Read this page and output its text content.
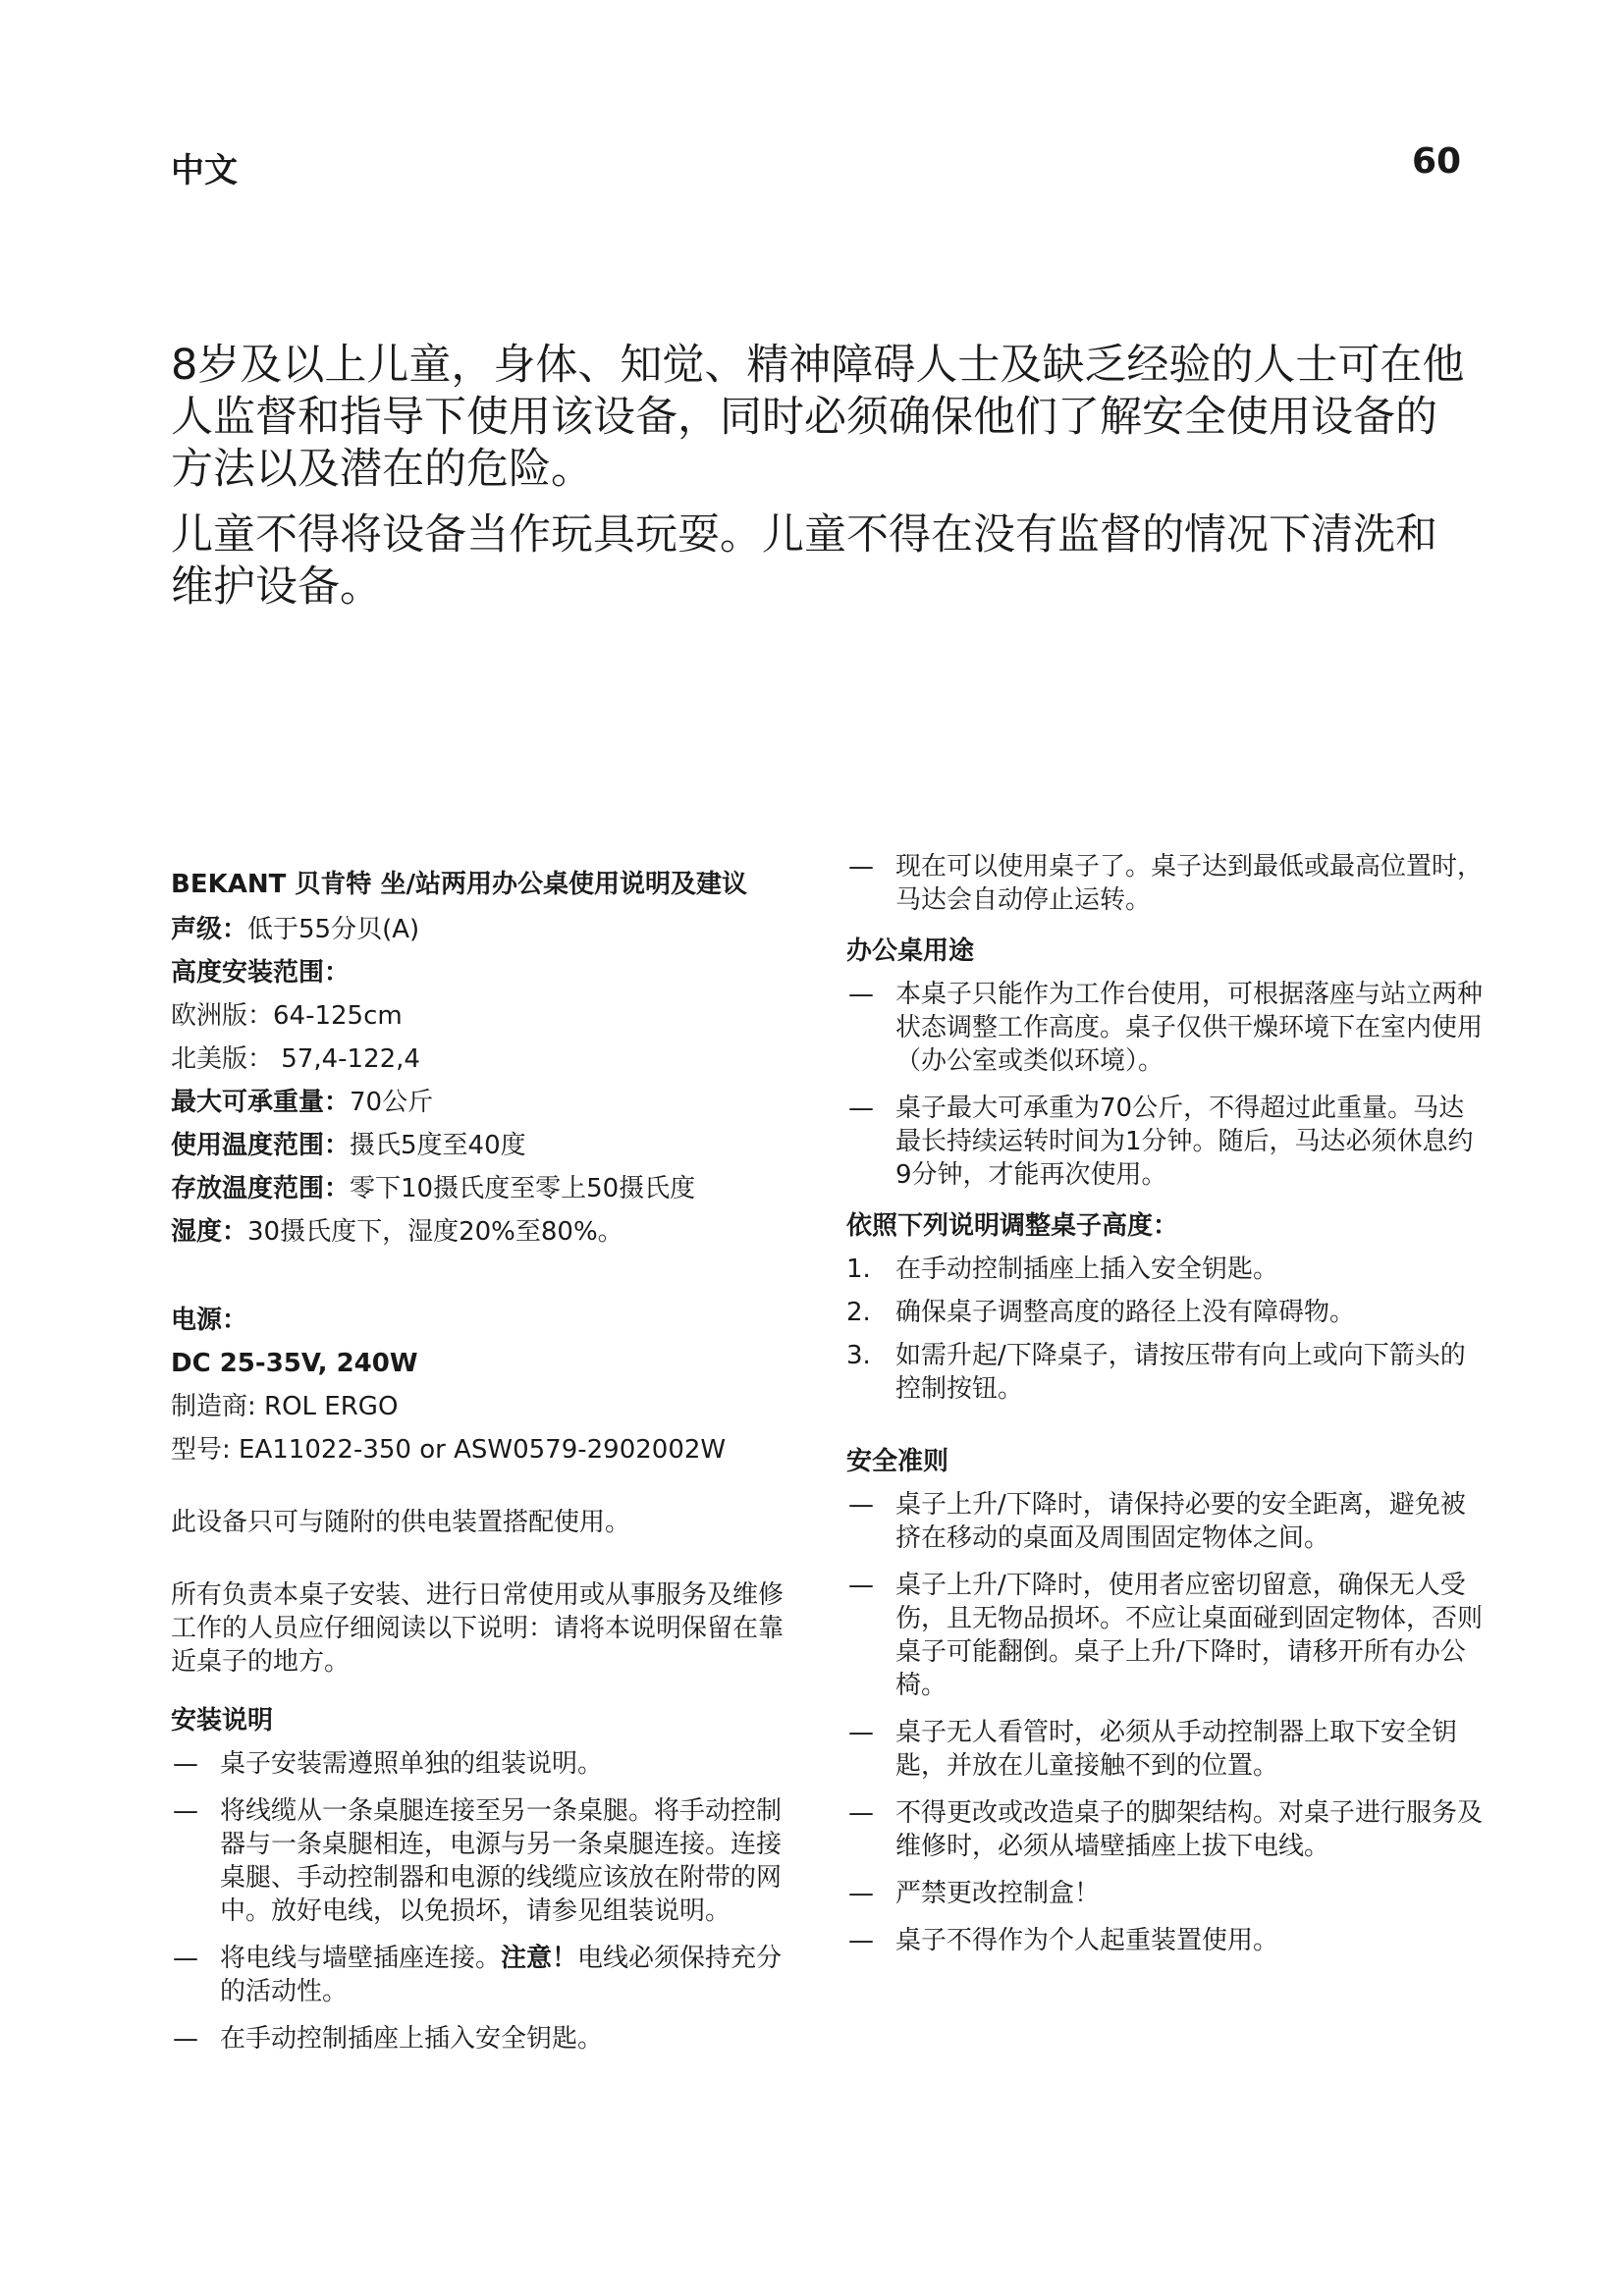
中文	60

8岁及以上儿童，身体、知觉、精神障碍人士及缺乏经验的人士可在他人监督和指导下使用该设备，同时必须确保他们了解安全使用设备的方法以及潜在的危险。

儿童不得将设备当作玩具玩耍。儿童不得在没有监督的情况下清洗和维护设备。

BEKANT 贝肯特 坐/站两用办公桌使用说明及建议

声级：低于55分贝(A)

高度安装范围：

欧洲版：64-125cm

北美版： 57,4-122,4

最大可承重量：70公斤

使用温度范围：摄氏5度至40度

存放温度范围：零下10摄氏度至零上50摄氏度

湿度：30摄氏度下，湿度20%至80%。

电源：

DC 25-35V, 240W

制造商: ROL ERGO

型号: EA11022-350 or ASW0579-2902002W

此设备只可与随附的供电装置搭配使用。

所有负责本桌子安装、进行日常使用或从事服务及维修工作的人员应仔细阅读以下说明：请将本说明保留在靠近桌子的地方。

安装说明

— 桌子安装需遵照单独的组装说明。
— 将线缆从一条桌腿连接至另一条桌腿。将手动控制器与一条桌腿相连，电源与另一条桌腿连接。连接桌腿、手动控制器和电源的线缆应该放在附带的网中。放好电线，以免损坏，请参见组装说明。
— 将电线与墙壁插座连接。注意！电线必须保持充分的活动性。
— 在手动控制插座上插入安全钥匙。
— 现在可以使用桌子了。桌子达到最低或最高位置时，马达会自动停止运转。

办公桌用途

— 本桌子只能作为工作台使用，可根据落座与站立两种状态调整工作高度。桌子仅供干燥环境下在室内使用（办公室或类似环境）。
— 桌子最大可承重为70公斤，不得超过此重量。马达最长持续运转时间为1分钟。随后，马达必须休息约9分钟，才能再次使用。

依照下列说明调整桌子高度：

1. 在手动控制插座上插入安全钥匙。
2. 确保桌子调整高度的路径上没有障碍物。
3. 如需升起/下降桌子，请按压带有向上或向下箭头的控制按钮。

安全准则

— 桌子上升/下降时，请保持必要的安全距离，避免被挤在移动的桌面及周围固定物体之间。
— 桌子上升/下降时，使用者应密切留意，确保无人受伤，且无物品损坏。不应让桌面碰到固定物体，否则桌子可能翻倒。桌子上升/下降时，请移开所有办公椅。
— 桌子无人看管时，必须从手动控制器上取下安全钥匙，并放在儿童接触不到的位置。
— 不得更改或改造桌子的脚架结构。对桌子进行服务及维修时，必须从墙壁插座上拔下电线。
— 严禁更改控制盒！
— 桌子不得作为个人起重装置使用。
